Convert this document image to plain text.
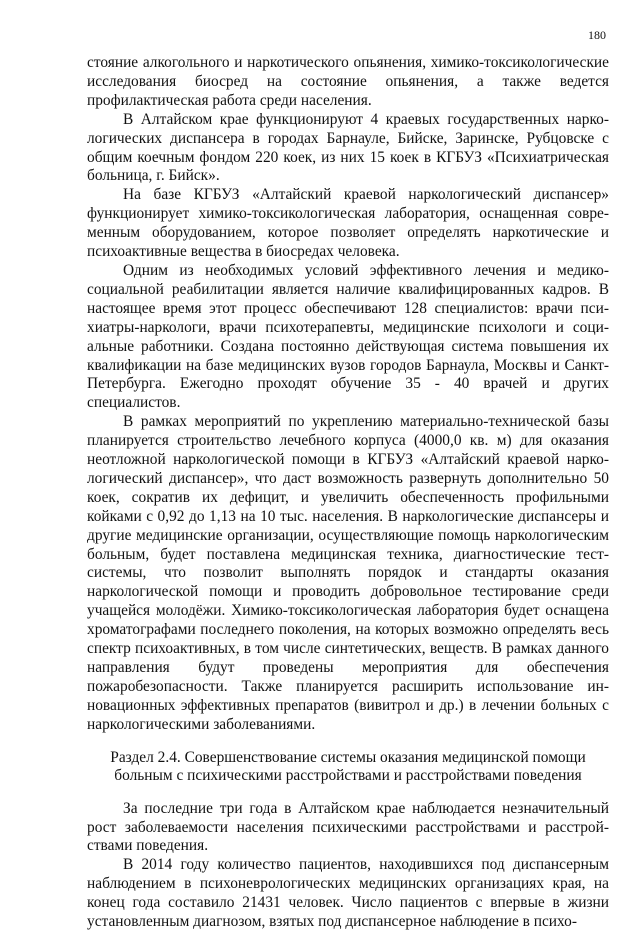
180

стояние алкогольного и наркотического опьянения, химико-токсикологические исследования биосред на состояние опьянения, а также ведется профилактическая работа среди населения.

В Алтайском крае функционируют 4 краевых государственных наркологических диспансера в городах Барнауле, Бийске, Заринске, Рубцовске с общим коечным фондом 220 коек, из них 15 коек в КГБУЗ «Психиатрическая больница, г. Бийск».

На базе КГБУЗ «Алтайский краевой наркологический диспансер» функционирует химико-токсикологическая лаборатория, оснащенная современным оборудованием, которое позволяет определять наркотические и психоактивные вещества в биосредах человека.

Одним из необходимых условий эффективного лечения и медико-социальной реабилитации является наличие квалифицированных кадров. В настоящее время этот процесс обеспечивают 128 специалистов: врачи психиатры-наркологи, врачи психотерапевты, медицинские психологи и социальные работники. Создана постоянно действующая система повышения их квалификации на базе медицинских вузов городов Барнаула, Москвы и Санкт-Петербурга. Ежегодно проходят обучение 35 - 40 врачей и других специалистов.

В рамках мероприятий по укреплению материально-технической базы планируется строительство лечебного корпуса (4000,0 кв. м) для оказания неотложной наркологической помощи в КГБУЗ «Алтайский краевой наркологический диспансер», что даст возможность развернуть дополнительно 50 коек, сократив их дефицит, и увеличить обеспеченность профильными койками с 0,92 до 1,13 на 10 тыс. населения. В наркологические диспансеры и другие медицинские организации, осуществляющие помощь наркологическим больным, будет поставлена медицинская техника, диагностические тест-системы, что позволит выполнять порядок и стандарты оказания наркологической помощи и проводить добровольное тестирование среди учащейся молодёжи. Химико-токсикологическая лаборатория будет оснащена хроматографами последнего поколения, на которых возможно определять весь спектр психоактивных, в том числе синтетических, веществ. В рамках данного направления будут проведены мероприятия для обеспечения пожаробезопасности. Также планируется расширить использование инновационных эффективных препаратов (вивитрол и др.) в лечении больных с наркологическими заболеваниями.

Раздел 2.4. Совершенствование системы оказания медицинской помощи больным с психическими расстройствами и расстройствами поведения

За последние три года в Алтайском крае наблюдается незначительный рост заболеваемости населения психическими расстройствами и расстройствами поведения.

В 2014 году количество пациентов, находившихся под диспансерным наблюдением в психоневрологических медицинских организациях края, на конец года составило 21431 человек. Число пациентов с впервые в жизни установленным диагнозом, взятых под диспансерное наблюдение в психо-
